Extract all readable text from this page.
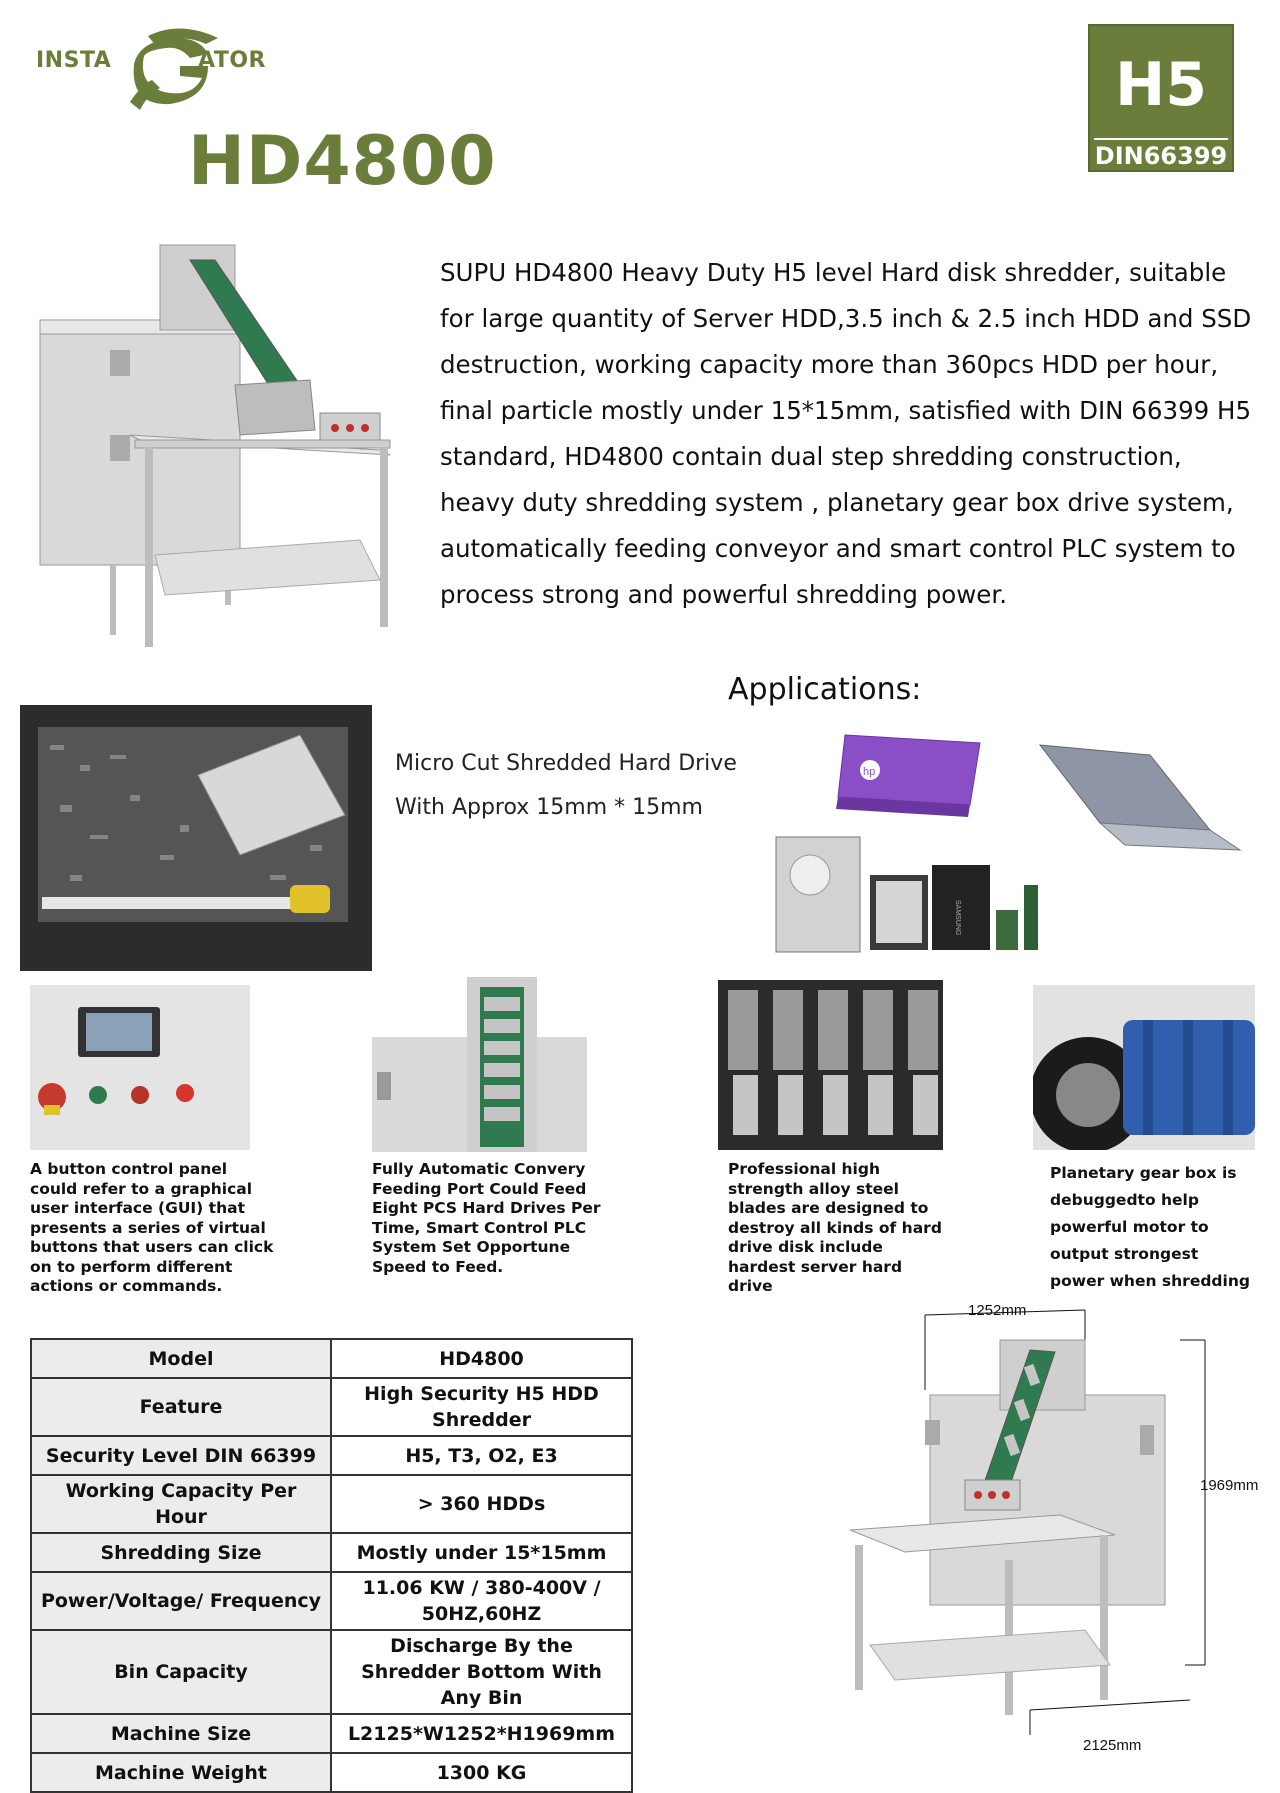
INSTA	ATOR
HD4800
H5
DIN66399
SUPU HD4800 Heavy Duty H5 level Hard disk shredder, suitable for large quantity of Server HDD,3.5 inch & 2.5 inch HDD and SSD destruction, working capacity more than 360pcs HDD per hour, final particle mostly under 15*15mm, satisfied with DIN 66399 H5 standard, HD4800 contain dual step shredding construction, heavy duty shredding system , planetary gear box drive system, automatically feeding conveyor and smart control PLC system to process strong and powerful shredding power.
Applications:
Micro Cut Shredded Hard Drive
With Approx 15mm * 15mm
hp
SAMSUNG
A button control panel could refer to a graphical user interface (GUI) that presents a series of virtual buttons that users can click on to perform different actions or commands.
Fully Automatic Convery Feeding Port Could Feed Eight PCS Hard Drives Per Time, Smart Control PLC System Set Opportune Speed to Feed.
Professional high strength alloy steel blades are designed to destroy all kinds of hard drive disk include hardest server hard drive
Planetary gear box is debuggedto help powerful motor to output strongest power when shredding
Model	HD4800
Feature	High Security H5 HDD Shredder
Security Level DIN 66399	H5, T3, O2, E3
Working Capacity Per Hour	> 360 HDDs
Shredding Size	Mostly under 15*15mm
Power/Voltage/ Frequency	11.06 KW / 380-400V / 50HZ,60HZ
Bin Capacity	Discharge By the Shredder Bottom With Any Bin
Machine Size	L2125*W1252*H1969mm
Machine Weight	1300 KG
1252mm
1969mm
2125mm
